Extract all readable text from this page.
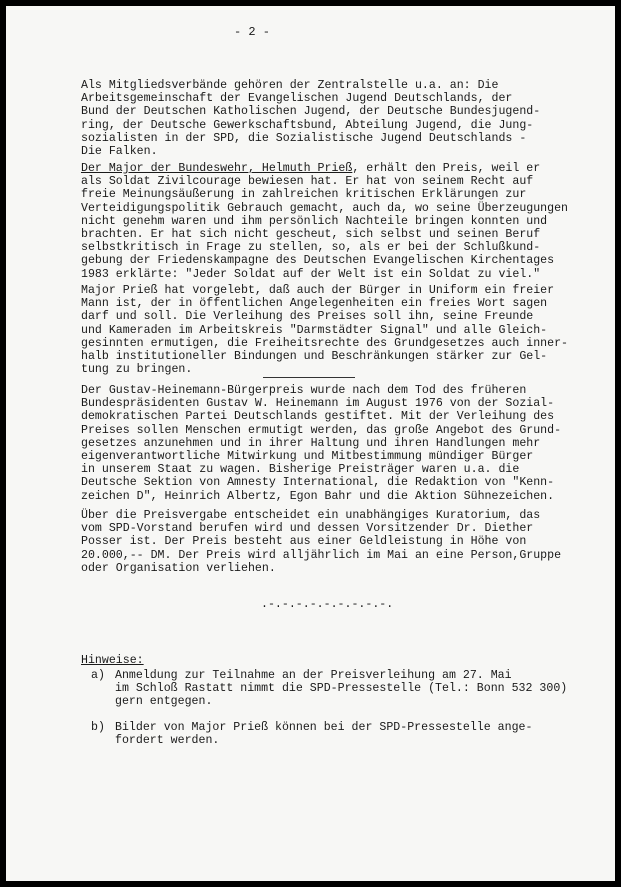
- 2 -
Als Mitgliedsverbände gehören der Zentralstelle u.a. an: Die
Arbeitsgemeinschaft der Evangelischen Jugend Deutschlands, der
Bund der Deutschen Katholischen Jugend, der Deutsche Bundesjugend-
ring, der Deutsche Gewerkschaftsbund, Abteilung Jugend, die Jung-
sozialisten in der SPD, die Sozialistische Jugend Deutschlands -
Die Falken.
Der Major der Bundeswehr, Helmuth Prieß, erhält den Preis, weil er
als Soldat Zivilcourage bewiesen hat. Er hat von seinem Recht auf
freie Meinungsäußerung in zahlreichen kritischen Erklärungen zur
Verteidigungspolitik Gebrauch gemacht, auch da, wo seine Überzeugungen
nicht genehm waren und ihm persönlich Nachteile bringen konnten und
brachten. Er hat sich nicht gescheut, sich selbst und seinen Beruf
selbstkritisch in Frage zu stellen, so, als er bei der Schlußkund-
gebung der Friedenskampagne des Deutschen Evangelischen Kirchentages
1983 erklärte: "Jeder Soldat auf der Welt ist ein Soldat zu viel."
Major Prieß hat vorgelebt, daß auch der Bürger in Uniform ein freier
Mann ist, der in öffentlichen Angelegenheiten ein freies Wort sagen
darf und soll. Die Verleihung des Preises soll ihn, seine Freunde
und Kameraden im Arbeitskreis "Darmstädter Signal" und alle Gleich-
gesinnten ermutigen, die Freiheitsrechte des Grundgesetzes auch inner-
halb institutioneller Bindungen und Beschränkungen stärker zur Gel-
tung zu bringen.
Der Gustav-Heinemann-Bürgerpreis wurde nach dem Tod des früheren
Bundespräsidenten Gustav W. Heinemann im August 1976 von der Sozial-
demokratischen Partei Deutschlands gestiftet. Mit der Verleihung des
Preises sollen Menschen ermutigt werden, das große Angebot des Grund-
gesetzes anzunehmen und in ihrer Haltung und ihren Handlungen mehr
eigenverantwortliche Mitwirkung und Mitbestimmung mündiger Bürger
in unserem Staat zu wagen. Bisherige Preisträger waren u.a. die
Deutsche Sektion von Amnesty International, die Redaktion von "Kenn-
zeichen D", Heinrich Albertz, Egon Bahr und die Aktion Sühnezeichen.
Über die Preisvergabe entscheidet ein unabhängiges Kuratorium, das
vom SPD-Vorstand berufen wird und dessen Vorsitzender Dr. Diether
Posser ist. Der Preis besteht aus einer Geldleistung in Höhe von
20.000,-- DM. Der Preis wird alljährlich im Mai an eine Person,Gruppe
oder Organisation verliehen.
.-.-.-.-.-.-.-.-.-.
Hinweise:

a)

Anmeldung zur Teilnahme an der Preisverleihung am 27. Mai
im Schloß Rastatt nimmt die SPD-Pressestelle (Tel.: Bonn 532 300)
gern entgegen.

b)

Bilder von Major Prieß können bei der SPD-Pressestelle ange-
fordert werden.
